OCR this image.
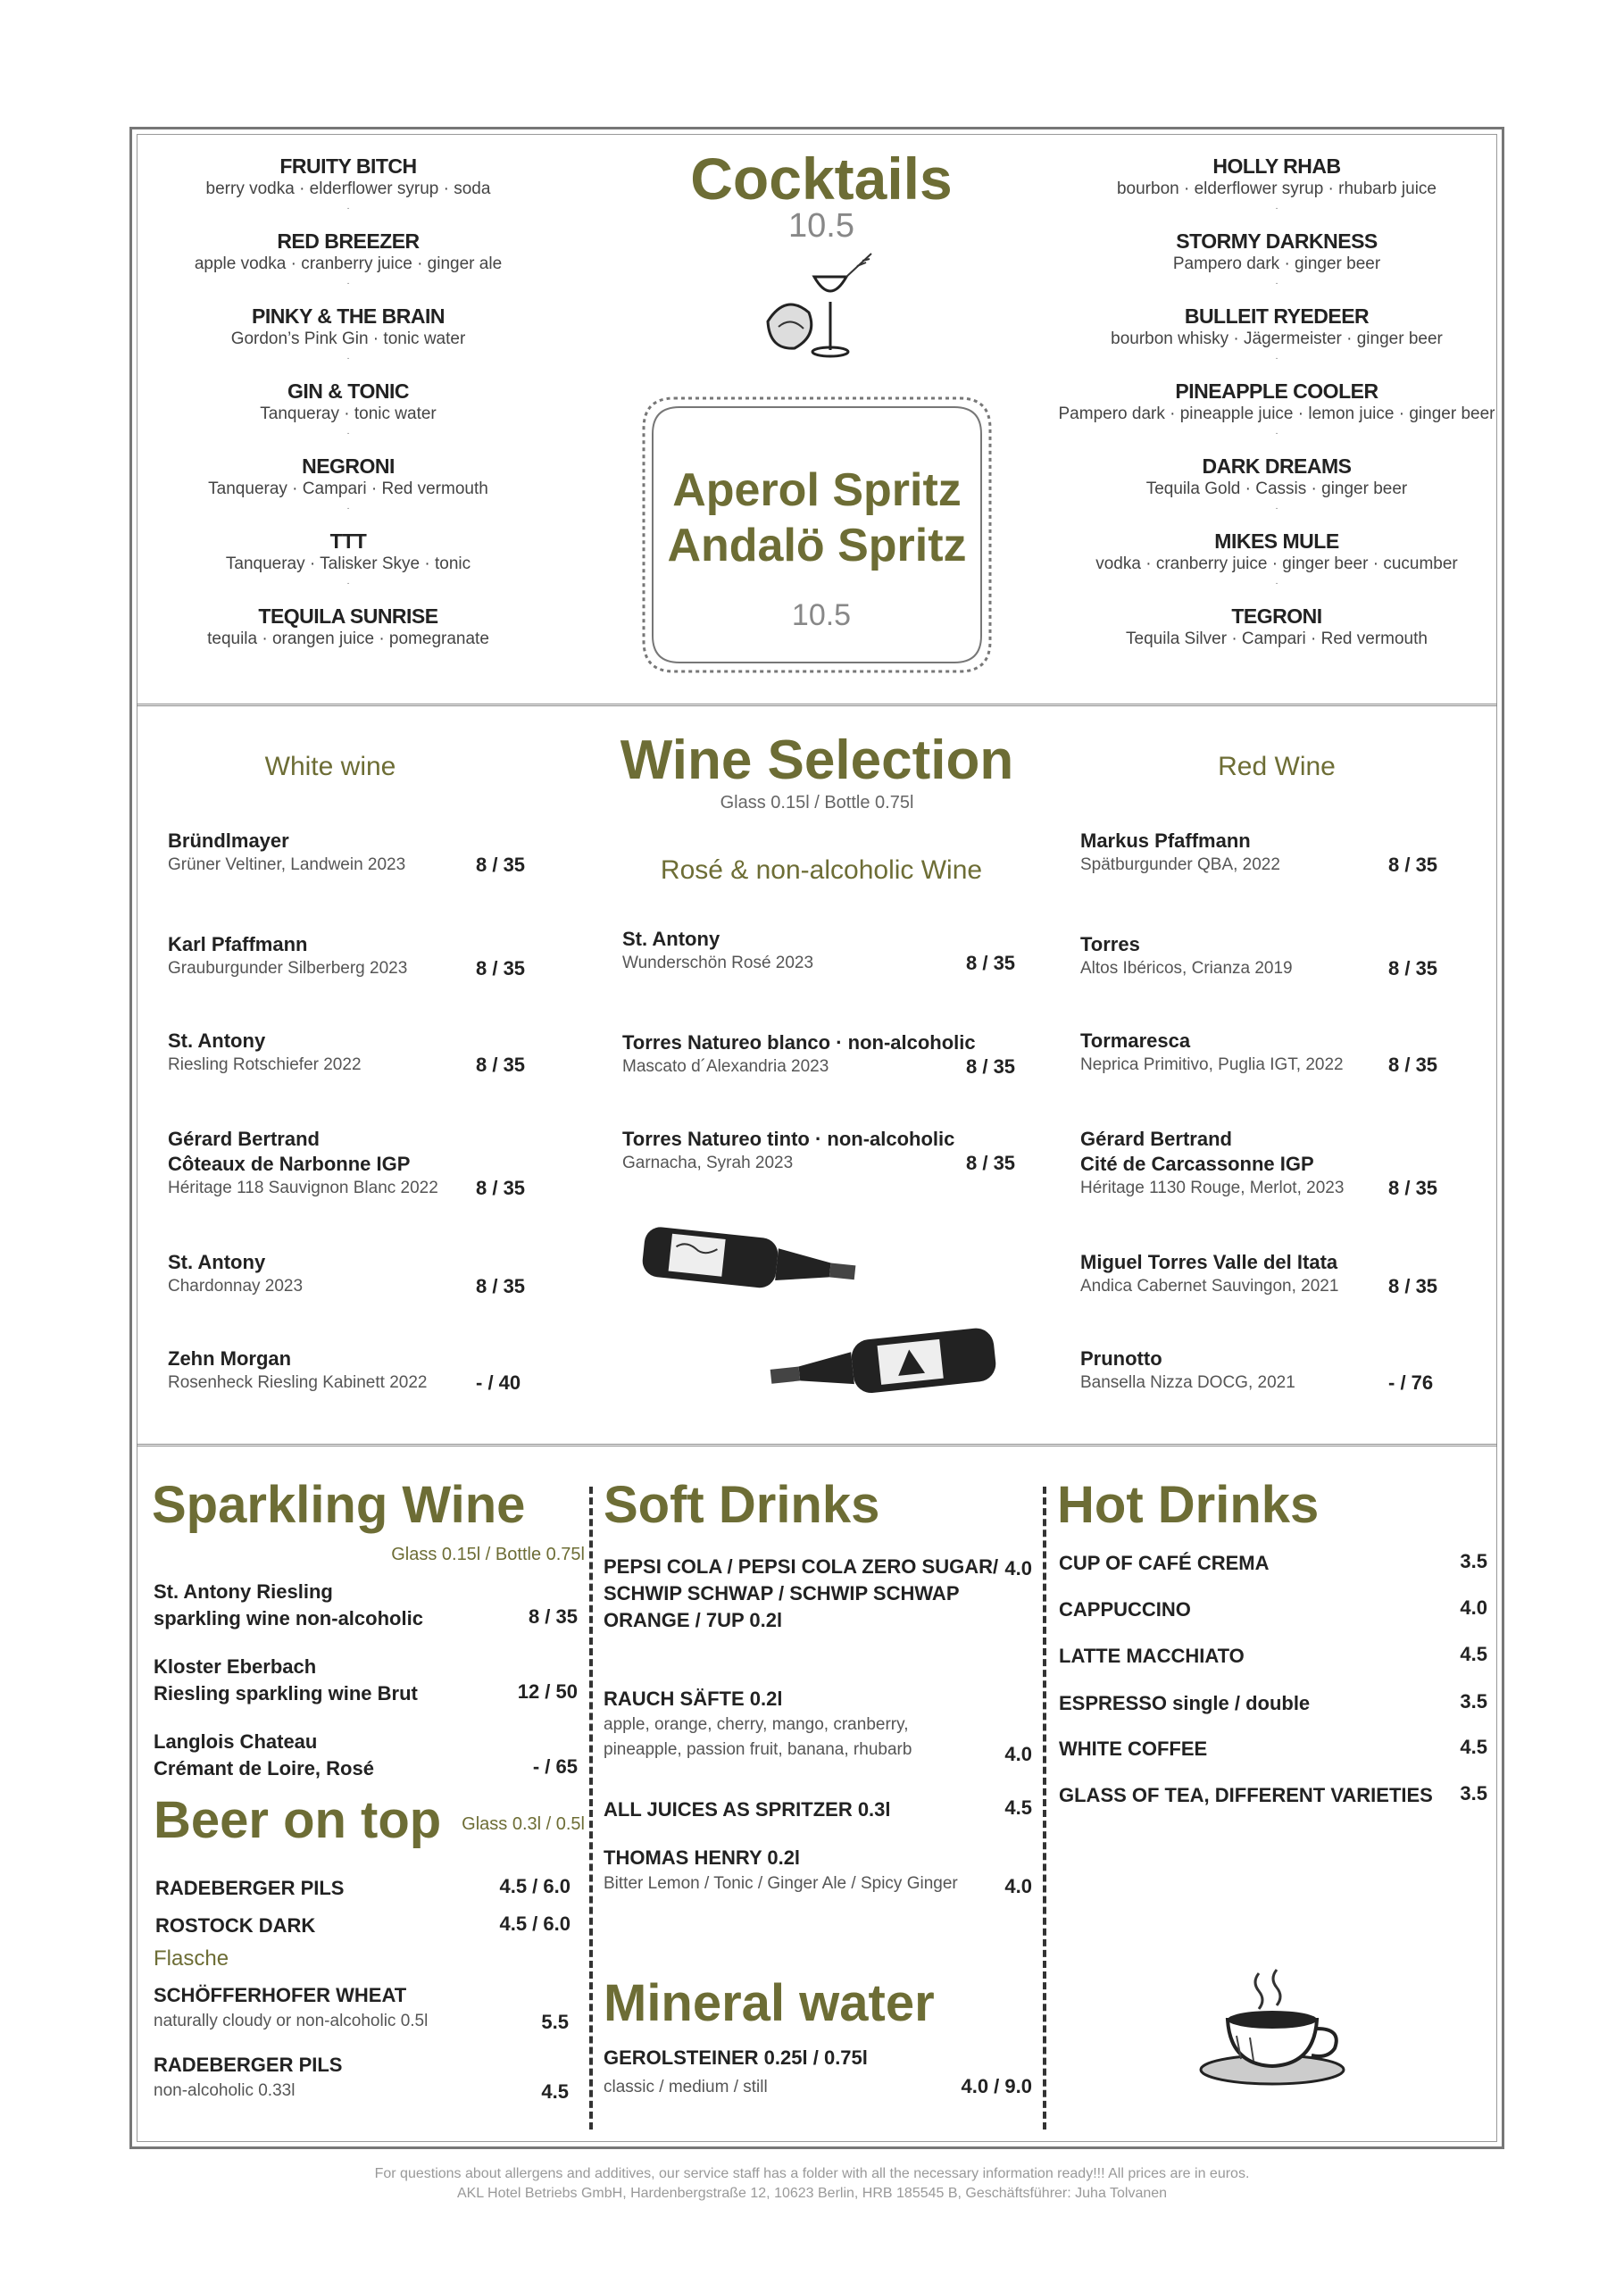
FRUITY BITCH
berry vodka · elderflower syrup · soda
·
RED BREEZER
apple vodka · cranberry juice · ginger ale
·
PINKY & THE BRAIN
Gordon’s Pink Gin · tonic water
·
GIN & TONIC
Tanqueray · tonic water
·
NEGRONI
Tanqueray · Campari · Red vermouth
·
TTT
Tanqueray · Talisker Skye · tonic
·
TEQUILA SUNRISE
tequila · orangen juice · pomegranate
HOLLY RHAB
bourbon · elderflower syrup · rhubarb juice
·
STORMY DARKNESS
Pampero dark · ginger beer
·
BULLEIT RYEDEER
bourbon whisky · Jägermeister · ginger beer
·
PINEAPPLE COOLER
Pampero dark · pineapple juice · lemon juice · ginger beer
·
DARK DREAMS
Tequila Gold · Cassis · ginger beer
·
MIKES MULE
vodka · cranberry juice · ginger beer · cucumber
·
TEGRONI
Tequila Silver · Campari · Red vermouth
Cocktails
10.5
Aperol Spritz
Andalö Spritz
10.5
White wine	Red Wine
Wine Selection
Glass 0.15l / Bottle 0.75l
Rosé & non-alcoholic Wine
Bründlmayer
Grüner Veltiner, Landwein 2023	8 / 35
Karl Pfaffmann
Grauburgunder Silberberg 2023	8 / 35
St. Antony
Riesling Rotschiefer 2022	8 / 35
Gérard Bertrand
Côteaux de Narbonne IGP
Héritage 118 Sauvignon Blanc 2022	8 / 35
St. Antony
Chardonnay 2023	8 / 35
Zehn Morgan
Rosenheck Riesling Kabinett 2022	- / 40
St. Antony
Wunderschön Rosé 2023	8 / 35
Torres Natureo blanco · non-alcoholic
Mascato d´Alexandria 2023	8 / 35
Torres Natureo tinto · non-alcoholic
Garnacha, Syrah 2023	8 / 35
Markus Pfaffmann
Spätburgunder QBA, 2022	8 / 35
Torres
Altos Ibéricos, Crianza 2019	8 / 35
Tormaresca
Neprica Primitivo, Puglia IGT, 2022	8 / 35
Gérard Bertrand
Cité de Carcassonne IGP
Héritage 1130 Rouge, Merlot, 2023	8 / 35
Miguel Torres Valle del Itata
Andica Cabernet Sauvingon, 2021	8 / 35
Prunotto
Bansella Nizza DOCG, 2021	- / 76
Sparkling Wine
Glass 0.15l / Bottle 0.75l
St. Antony Riesling
sparkling wine non-alcoholic	8 / 35
Kloster Eberbach
Riesling sparkling wine Brut	12 / 50
Langlois Chateau
Crémant de Loire, Rosé	- / 65
Beer on top	Glass 0.3l / 0.5l
RADEBERGER PILS	4.5 / 6.0
ROSTOCK DARK	4.5 / 6.0
Flasche
SCHÖFFERHOFER WHEAT
naturally cloudy or non-alcoholic 0.5l	5.5
RADEBERGER PILS
non-alcoholic 0.33l	4.5
Soft Drinks
PEPSI COLA / PEPSI COLA ZERO SUGAR/
SCHWIP SCHWAP / SCHWIP SCHWAP
ORANGE / 7UP 0.2l
4.0
RAUCH SÄFTE 0.2l
apple, orange, cherry, mango, cranberry,
pineapple, passion fruit, banana, rhubarb	4.0
ALL JUICES AS SPRITZER 0.3l	4.5
THOMAS HENRY 0.2l
Bitter Lemon / Tonic / Ginger Ale / Spicy Ginger	4.0
Mineral water
GEROLSTEINER 0.25l / 0.75l
classic / medium / still	4.0 / 9.0
Hot Drinks
CUP OF CAFÉ CREMA	3.5
CAPPUCCINO	4.0
LATTE MACCHIATO	4.5
ESPRESSO single / double	3.5
WHITE COFFEE	4.5
GLASS OF TEA, DIFFERENT VARIETIES	3.5
For questions about allergens and additives, our service staff has a folder with all the necessary information ready!!! All prices are in euros.
AKL Hotel Betriebs GmbH, Hardenbergstraße 12, 10623 Berlin, HRB 185545 B, Geschäftsführer: Juha Tolvanen
